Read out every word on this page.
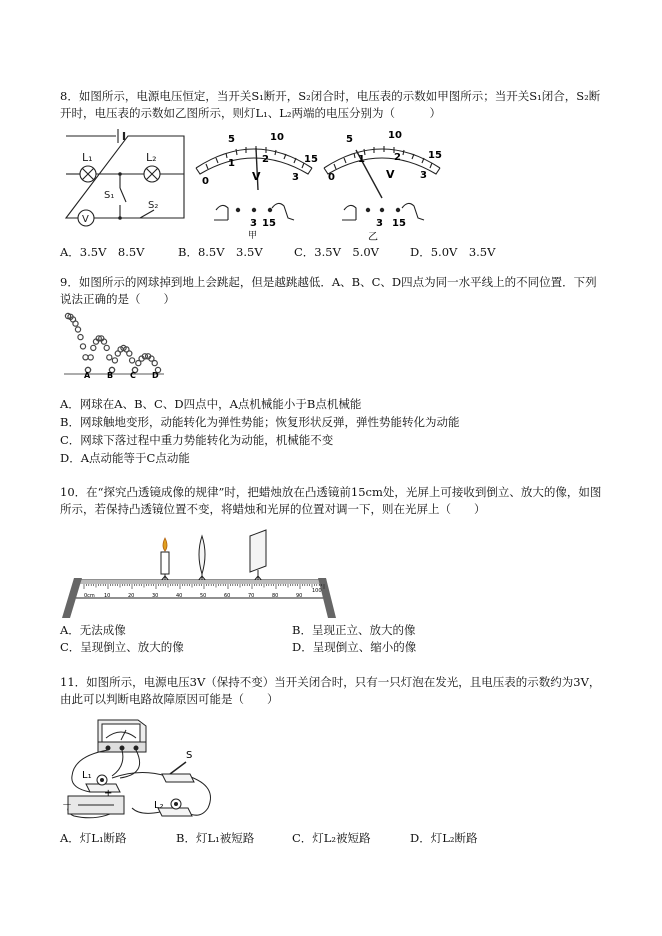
8．如图所示，电源电压恒定，当开关S₁断开，S₂闭合时，电压表的示数如甲图所示；当开关S₁闭合，S₂断开时，电压表的示数如乙图所示，则灯L₁、L₂两端的电压分别为（　　　）
L₁	L₂
S₁
S₂
V
5	10
15
0
1	2
3
V
3 15
甲
5	10
15
0
1	2
3
V
3 15
乙
A．3.5V　8.5V	B．8.5V　3.5V	C．3.5V　5.0V	D．5.0V　3.5V
9．如图所示的网球掉到地上会跳起，但是越跳越低．A、B、C、D四点为同一水平线上的不同位置．下列说法正确的是（　　）
A B C D
A．网球在A、B、C、D四点中，A点机械能小于B点机械能
B．网球触地变形，动能转化为弹性势能；恢复形状反弹，弹性势能转化为动能
C．网球下落过程中重力势能转化为动能，机械能不变
D．A点动能等于C点动能
10．在“探究凸透镜成像的规律”时，把蜡烛放在凸透镜前15cm处，光屏上可接收到倒立、放大的像，如图所示，若保持凸透镜位置不变，将蜡烛和光屏的位置对调一下，则在光屏上（　　）
0cm 10	20	30	40	50	60	70	80	90
100
A．无法成像	B．呈现正立、放大的像
C．呈现倒立、放大的像	D．呈现倒立、缩小的像
11．如图所示，电源电压3V（保持不变）当开关闭合时，只有一只灯泡在发光，且电压表的示数约为3V，由此可以判断电路故障原因可能是（　　）
L₁
L₂
S
－
+
A．灯L₁断路	B．灯L₁被短路	C．灯L₂被短路	D．灯L₂断路
